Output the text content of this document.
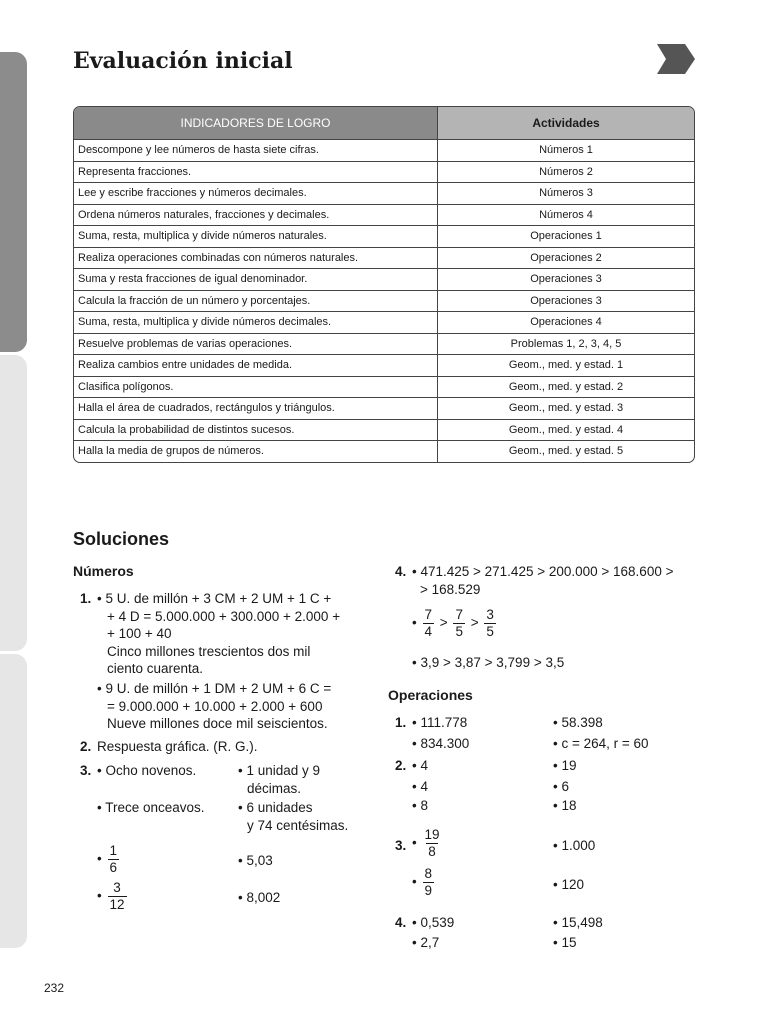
Evaluación inicial
INDICADORES DE LOGRO	Actividades
Descompone y lee números de hasta siete cifras.	Números 1
Representa fracciones.	Números 2
Lee y escribe fracciones y números decimales.	Números 3
Ordena números naturales, fracciones y decimales.	Números 4
Suma, resta, multiplica y divide números naturales.	Operaciones 1
Realiza operaciones combinadas con números naturales.	Operaciones 2
Suma y resta fracciones de igual denominador.	Operaciones 3
Calcula la fracción de un número y porcentajes.	Operaciones 3
Suma, resta, multiplica y divide números decimales.	Operaciones 4
Resuelve problemas de varias operaciones.	Problemas 1, 2, 3, 4, 5
Realiza cambios entre unidades de medida.	Geom., med. y estad. 1
Clasifica polígonos.	Geom., med. y estad. 2
Halla el área de cuadrados, rectángulos y triángulos.	Geom., med. y estad. 3
Calcula la probabilidad de distintos sucesos.	Geom., med. y estad. 4
Halla la media de grupos de números.	Geom., med. y estad. 5
Soluciones
Números
1. • 5 U. de millón + 3 CM + 2 UM + 1 C +
+ 4 D = 5.000.000 + 300.000 + 2.000 +
+ 100 + 40
Cinco millones trescientos dos mil
ciento cuarenta.
• 9 U. de millón + 1 DM + 2 UM + 6 C =
= 9.000.000 + 10.000 + 2.000 + 600
Nueve millones doce mil seiscientos.
2. Respuesta gráfica. (R. G.).
3. • Ocho novenos.	• 1 unidad y 9
décimas.
• Trece onceavos. • 6 unidades
y 74 centésimas.
• $\frac{1}{6}$	• 5,03
• $\frac{3}{12}$	• 8,002
4. • 471.425 > 271.425 > 200.000 > 168.600 >
> 168.529
• $\frac{7}{4} > \frac{7}{5} > \frac{3}{5}$
• 3,9 > 3,87 > 3,799 > 3,5
Operaciones
1. • 111.778	• 58.398
• 834.300	• c = 264, r = 60
2. • 4	• 19
• 4	• 6
• 8	• 18
3. • $\frac{19}{8}$	• 1.000
• $\frac{8}{9}$	• 120
4. • 0,539	• 15,498
• 2,7	• 15
232
